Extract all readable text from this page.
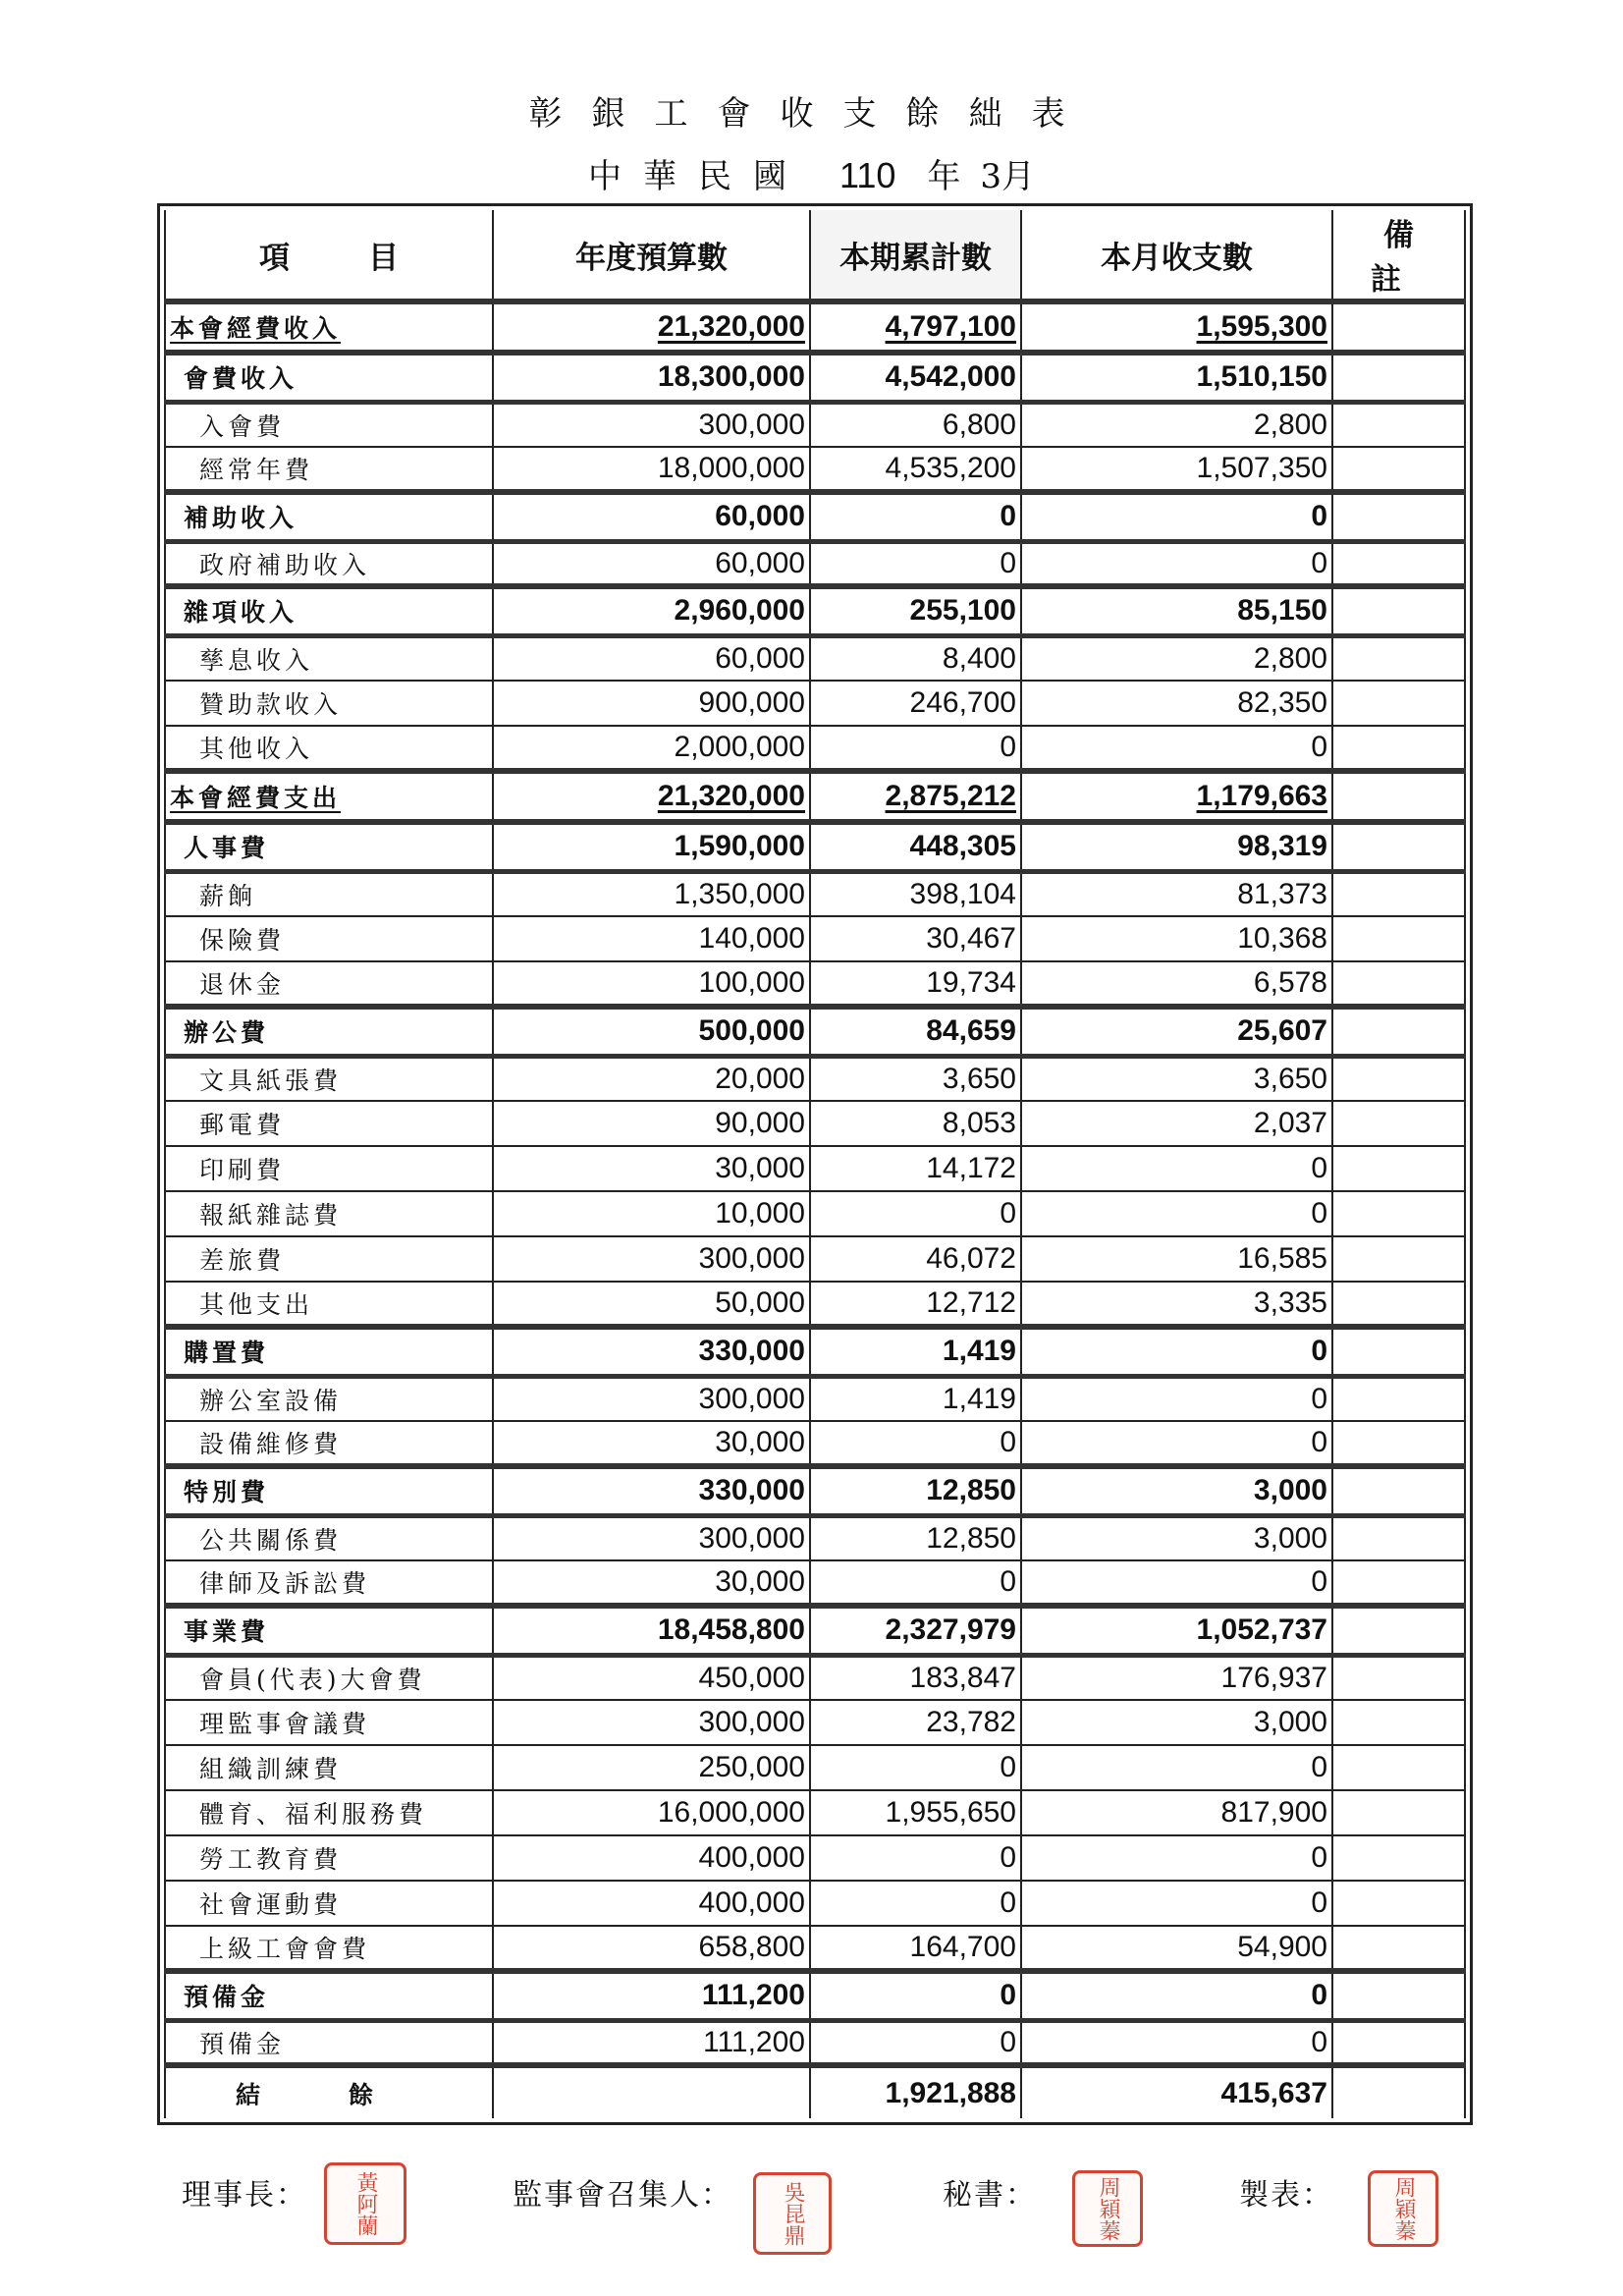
彰銀工會收支餘絀表
中華民國 110 年 3月
項目	年度預算數	本期累計數	本月收支數	備註
本會經費收入	21,320,000	4,797,100	1,595,300	
會費收入	18,300,000	4,542,000	1,510,150	
入會費	300,000	6,800	2,800	
經常年費	18,000,000	4,535,200	1,507,350	
補助收入	60,000	0	0	
政府補助收入	60,000	0	0	
雜項收入	2,960,000	255,100	85,150	
孳息收入	60,000	8,400	2,800	
贊助款收入	900,000	246,700	82,350	
其他收入	2,000,000	0	0	
本會經費支出	21,320,000	2,875,212	1,179,663	
人事費	1,590,000	448,305	98,319	
薪餉	1,350,000	398,104	81,373	
保險費	140,000	30,467	10,368	
退休金	100,000	19,734	6,578	
辦公費	500,000	84,659	25,607	
文具紙張費	20,000	3,650	3,650	
郵電費	90,000	8,053	2,037	
印刷費	30,000	14,172	0	
報紙雜誌費	10,000	0	0	
差旅費	300,000	46,072	16,585	
其他支出	50,000	12,712	3,335	
購置費	330,000	1,419	0	
辦公室設備	300,000	1,419	0	
設備維修費	30,000	0	0	
特別費	330,000	12,850	3,000	
公共關係費	300,000	12,850	3,000	
律師及訴訟費	30,000	0	0	
事業費	18,458,800	2,327,979	1,052,737	
會員(代表)大會費	450,000	183,847	176,937	
理監事會議費	300,000	23,782	3,000	
組織訓練費	250,000	0	0	
體育、福利服務費	16,000,000	1,955,650	817,900	
勞工教育費	400,000	0	0	
社會運動費	400,000	0	0	
上級工會會費	658,800	164,700	54,900	
預備金	111,200	0	0	
預備金	111,200	0	0	
結餘		1,921,888	415,637	
理事長：	黃阿蘭	監事會召集人：	吳昆鼎	秘書：	周穎蓁	製表：	周穎蓁
